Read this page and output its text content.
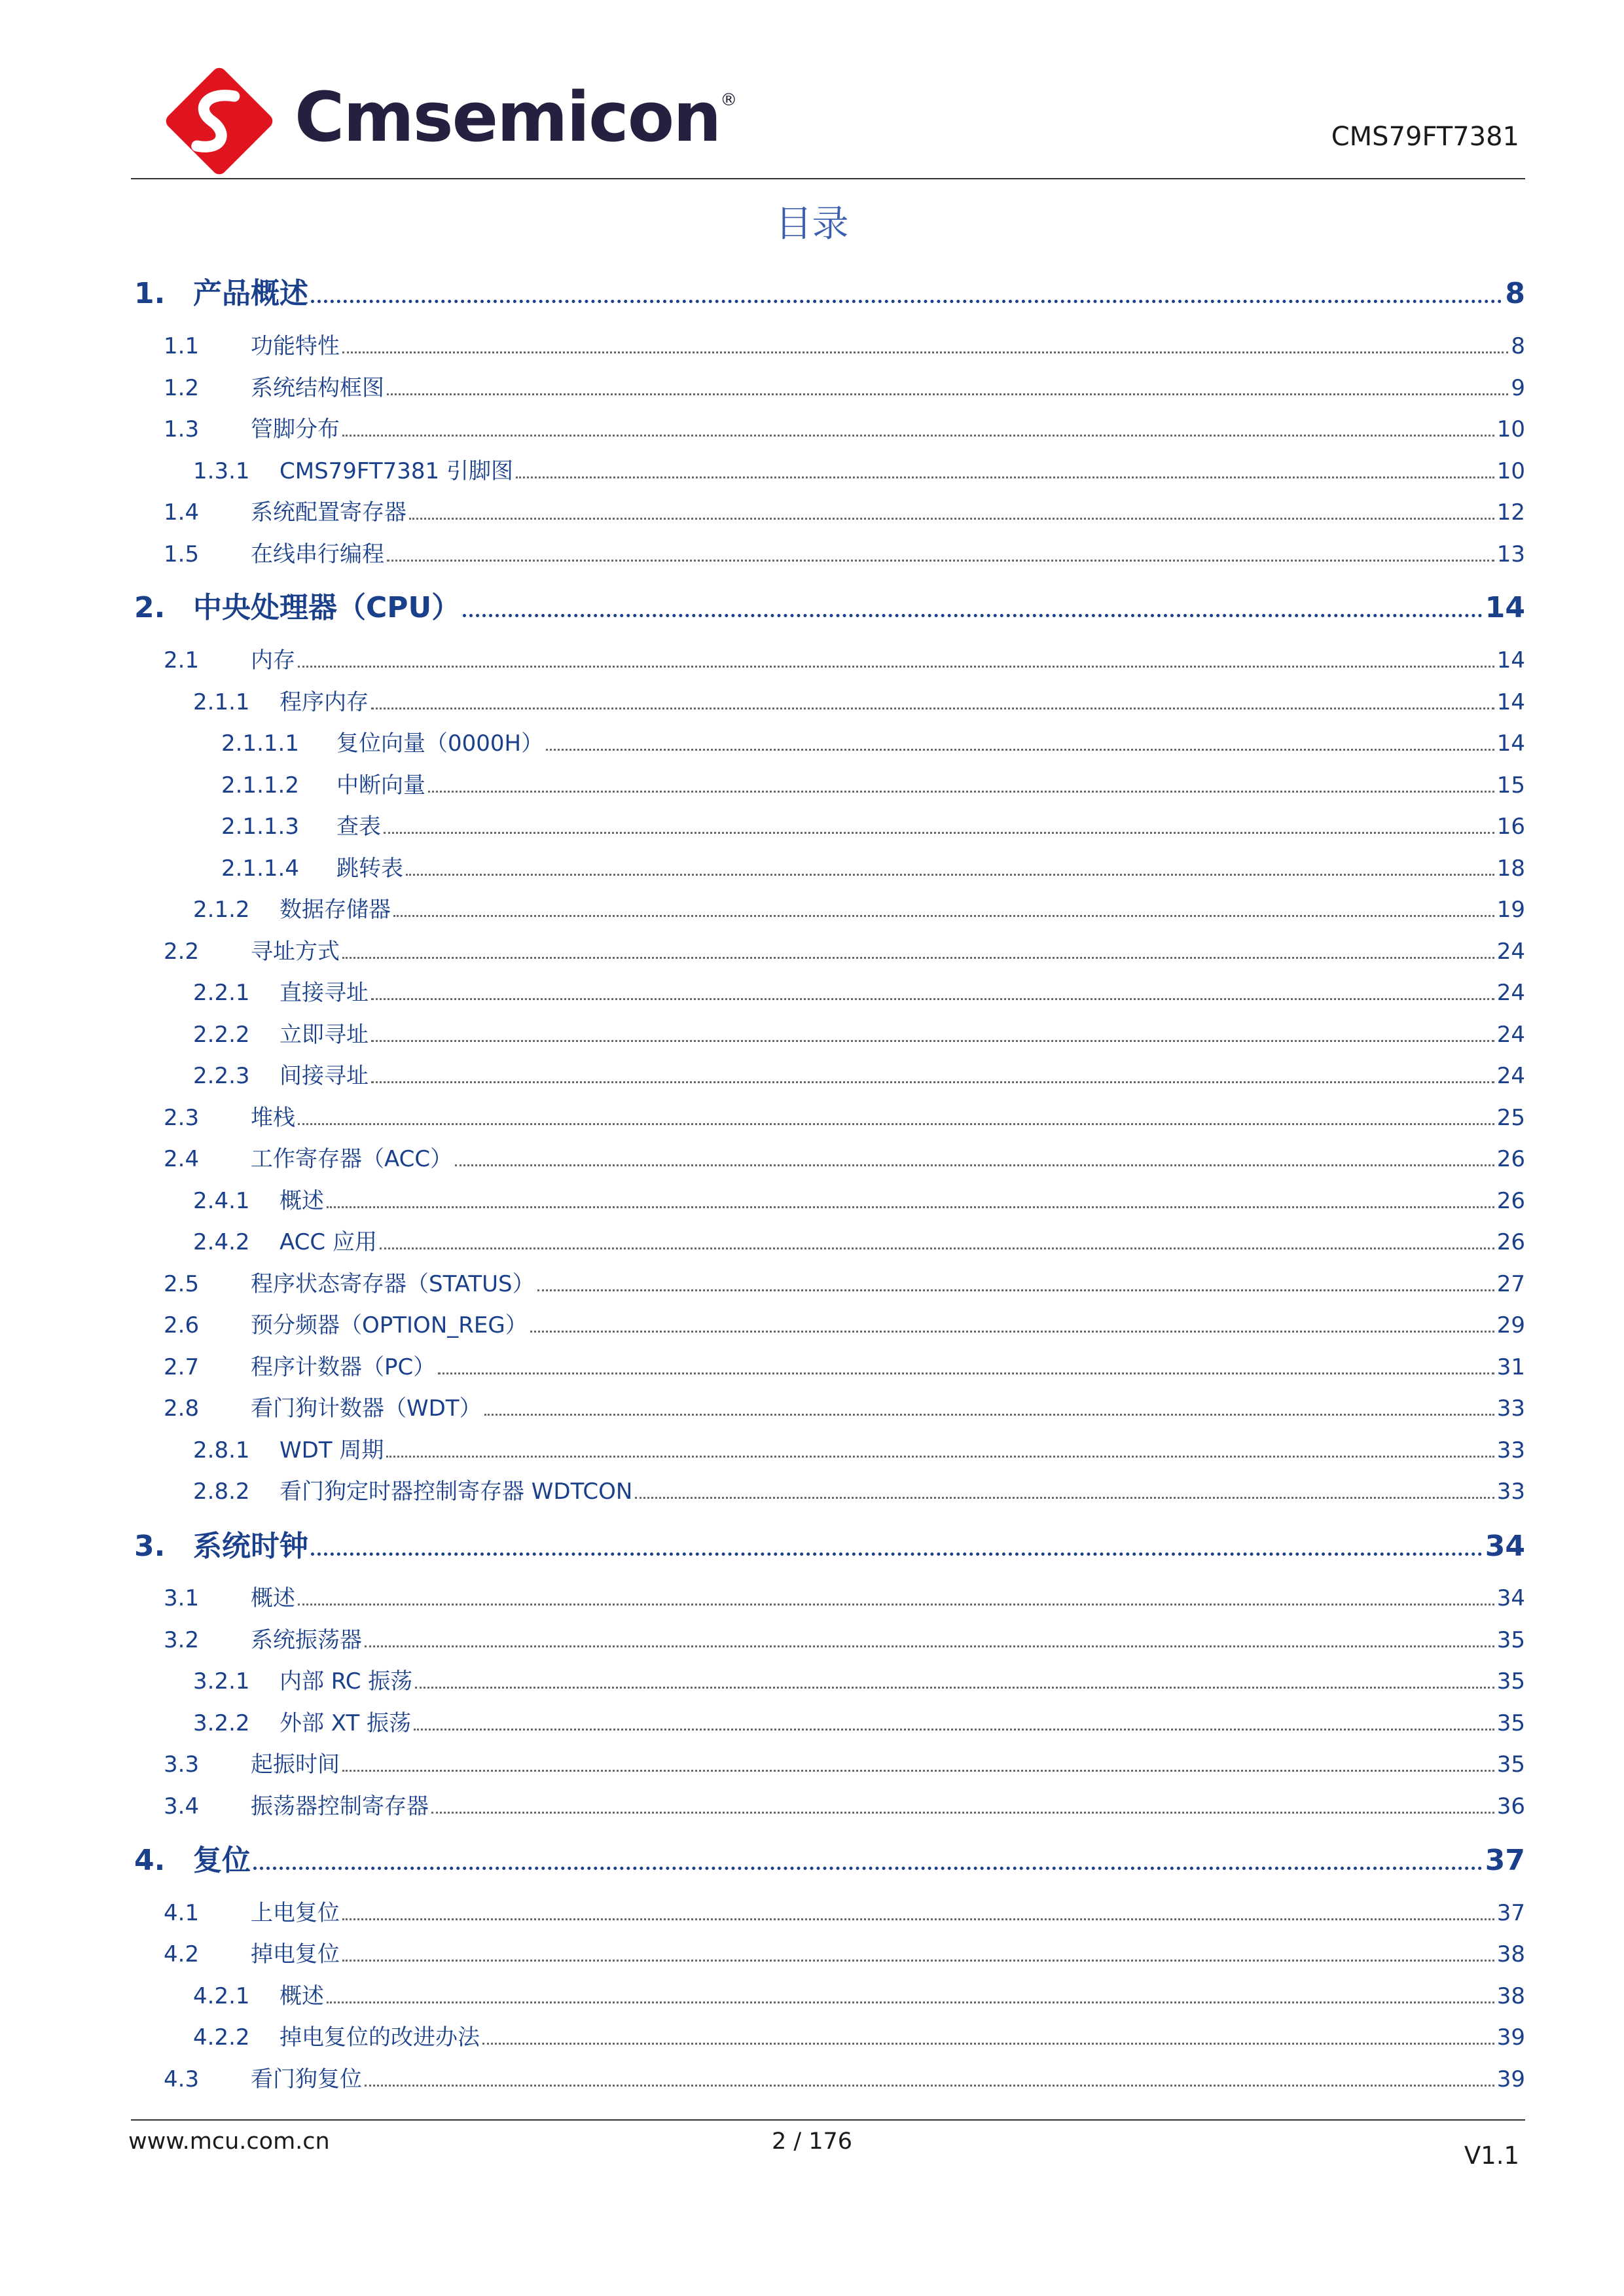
Cmsemicon®
CMS79FT7381
目录
1. 产品概述	8
1.1	功能特性	8
1.2	系统结构框图	9
1.3	管脚分布	10
1.3.1	CMS79FT7381 引脚图	10
1.4	系统配置寄存器	12
1.5	在线串行编程	13
2. 中央处理器（CPU）	14
2.1	内存	14
2.1.1	程序内存	14
2.1.1.1	复位向量（0000H）	14
2.1.1.2	中断向量	15
2.1.1.3	查表	16
2.1.1.4	跳转表	18
2.1.2	数据存储器	19
2.2	寻址方式	24
2.2.1	直接寻址	24
2.2.2	立即寻址	24
2.2.3	间接寻址	24
2.3	堆栈	25
2.4	工作寄存器（ACC）	26
2.4.1	概述	26
2.4.2	ACC 应用	26
2.5	程序状态寄存器（STATUS）	27
2.6	预分频器（OPTION_REG）	29
2.7	程序计数器（PC）	31
2.8	看门狗计数器（WDT）	33
2.8.1	WDT 周期	33
2.8.2	看门狗定时器控制寄存器 WDTCON	33
3. 系统时钟	34
3.1	概述	34
3.2	系统振荡器	35
3.2.1	内部 RC 振荡	35
3.2.2	外部 XT 振荡	35
3.3	起振时间	35
3.4	振荡器控制寄存器	36
4. 复位	37
4.1	上电复位	37
4.2	掉电复位	38
4.2.1	概述	38
4.2.2	掉电复位的改进办法	39
4.3	看门狗复位	39
www.mcu.com.cn	2 / 176	V1.1
